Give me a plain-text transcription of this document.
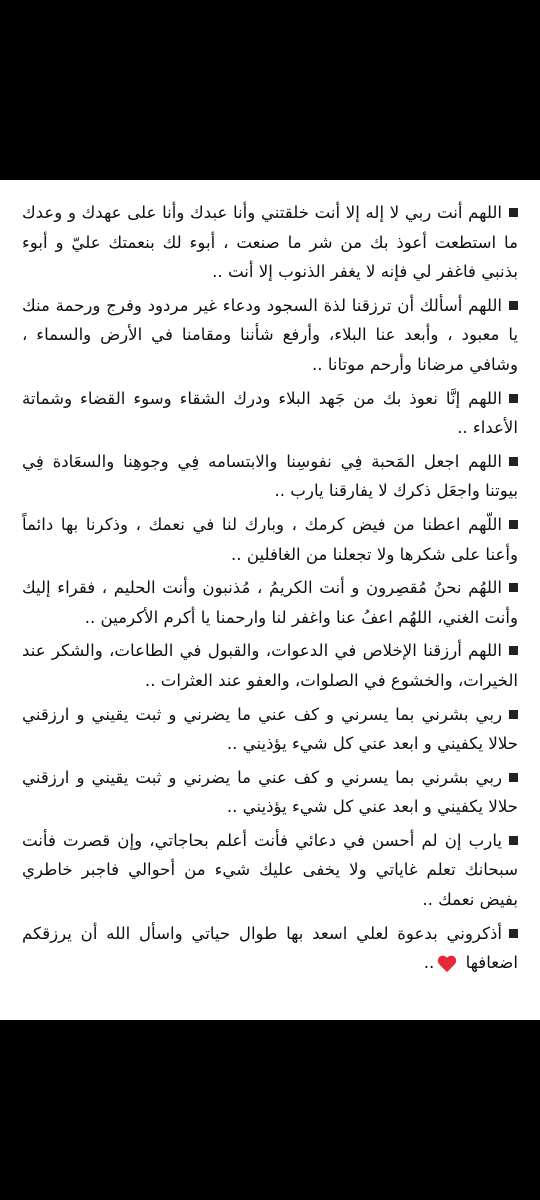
اللهم أنت ربي لا إله إلا أنت خلقتني وأنا عبدك وأنا على عهدك و وعدك ما استطعت أعوذ بك من شر ما صنعت ، أبوء لك بنعمتك عليّ و أبوء بذنبي فاغفر لي فإنه لا يغفر الذنوب إلا أنت ..

اللهم أسألك أن ترزقنا لذة السجود ودعاء غير مردود وفرج ورحمة منك يا معبود ، وأبعد عنا البلاء، وأرفع شأننا ومقامنا في الأرض والسماء ، وشافي مرضانا وأرحم موتانا ..

اللهم إنَّا نعوذ بك من جَهد البلاء ودرك الشقاء وسوء القضاء وشماتة الأعداء ..

اللهم اجعل المَحبة فِي نفوسِنا والابتسامه فِي وجوهِنا والسعَادة فِي بيوتنا واجعَل ذكرك لا يفارقنا يارب ..

اللّهم اعطنا من فيض كرمك ، وبارك لنا في نعمك ، وذكرنا بها دائماً وأعنا على شكرها ولا تجعلنا من الغافلين ..

اللهُم نحنُ مُقصِرون و أنت الكريمُ ، مُذنبون وأنت الحليم ، فقراء إليك وأنت الغني، اللهُم اعفُ عنا واغفر لنا وارحمنا يا أكرم الأكرمين ..

اللهم أرزقنا الإخلاص في الدعوات، والقبول في الطاعات، والشكر عند الخيرات، والخشوع في الصلوات، والعفو عند العثرات ..

ربي بشرني بما يسرني و كف عني ما يضرني و ثبت يقيني و ارزقني حلالا يكفيني و ابعد عني كل شيء يؤذيني ..

ربي بشرني بما يسرني و كف عني ما يضرني و ثبت يقيني و ارزقني حلالا يكفيني و ابعد عني كل شيء يؤذيني ..

يارب إن لم أحسن في دعائي فأنت أعلم بحاجاتي، وإن قصرت فأنت سبحانك تعلم غاياتي ولا يخفى عليك شيء من أحوالي فاجبر خاطري بفيض نعمك ..

أذكروني بدعوة لعلي اسعد بها طوال حياتي واسأل الله أن يرزقكم اضعافها ..
